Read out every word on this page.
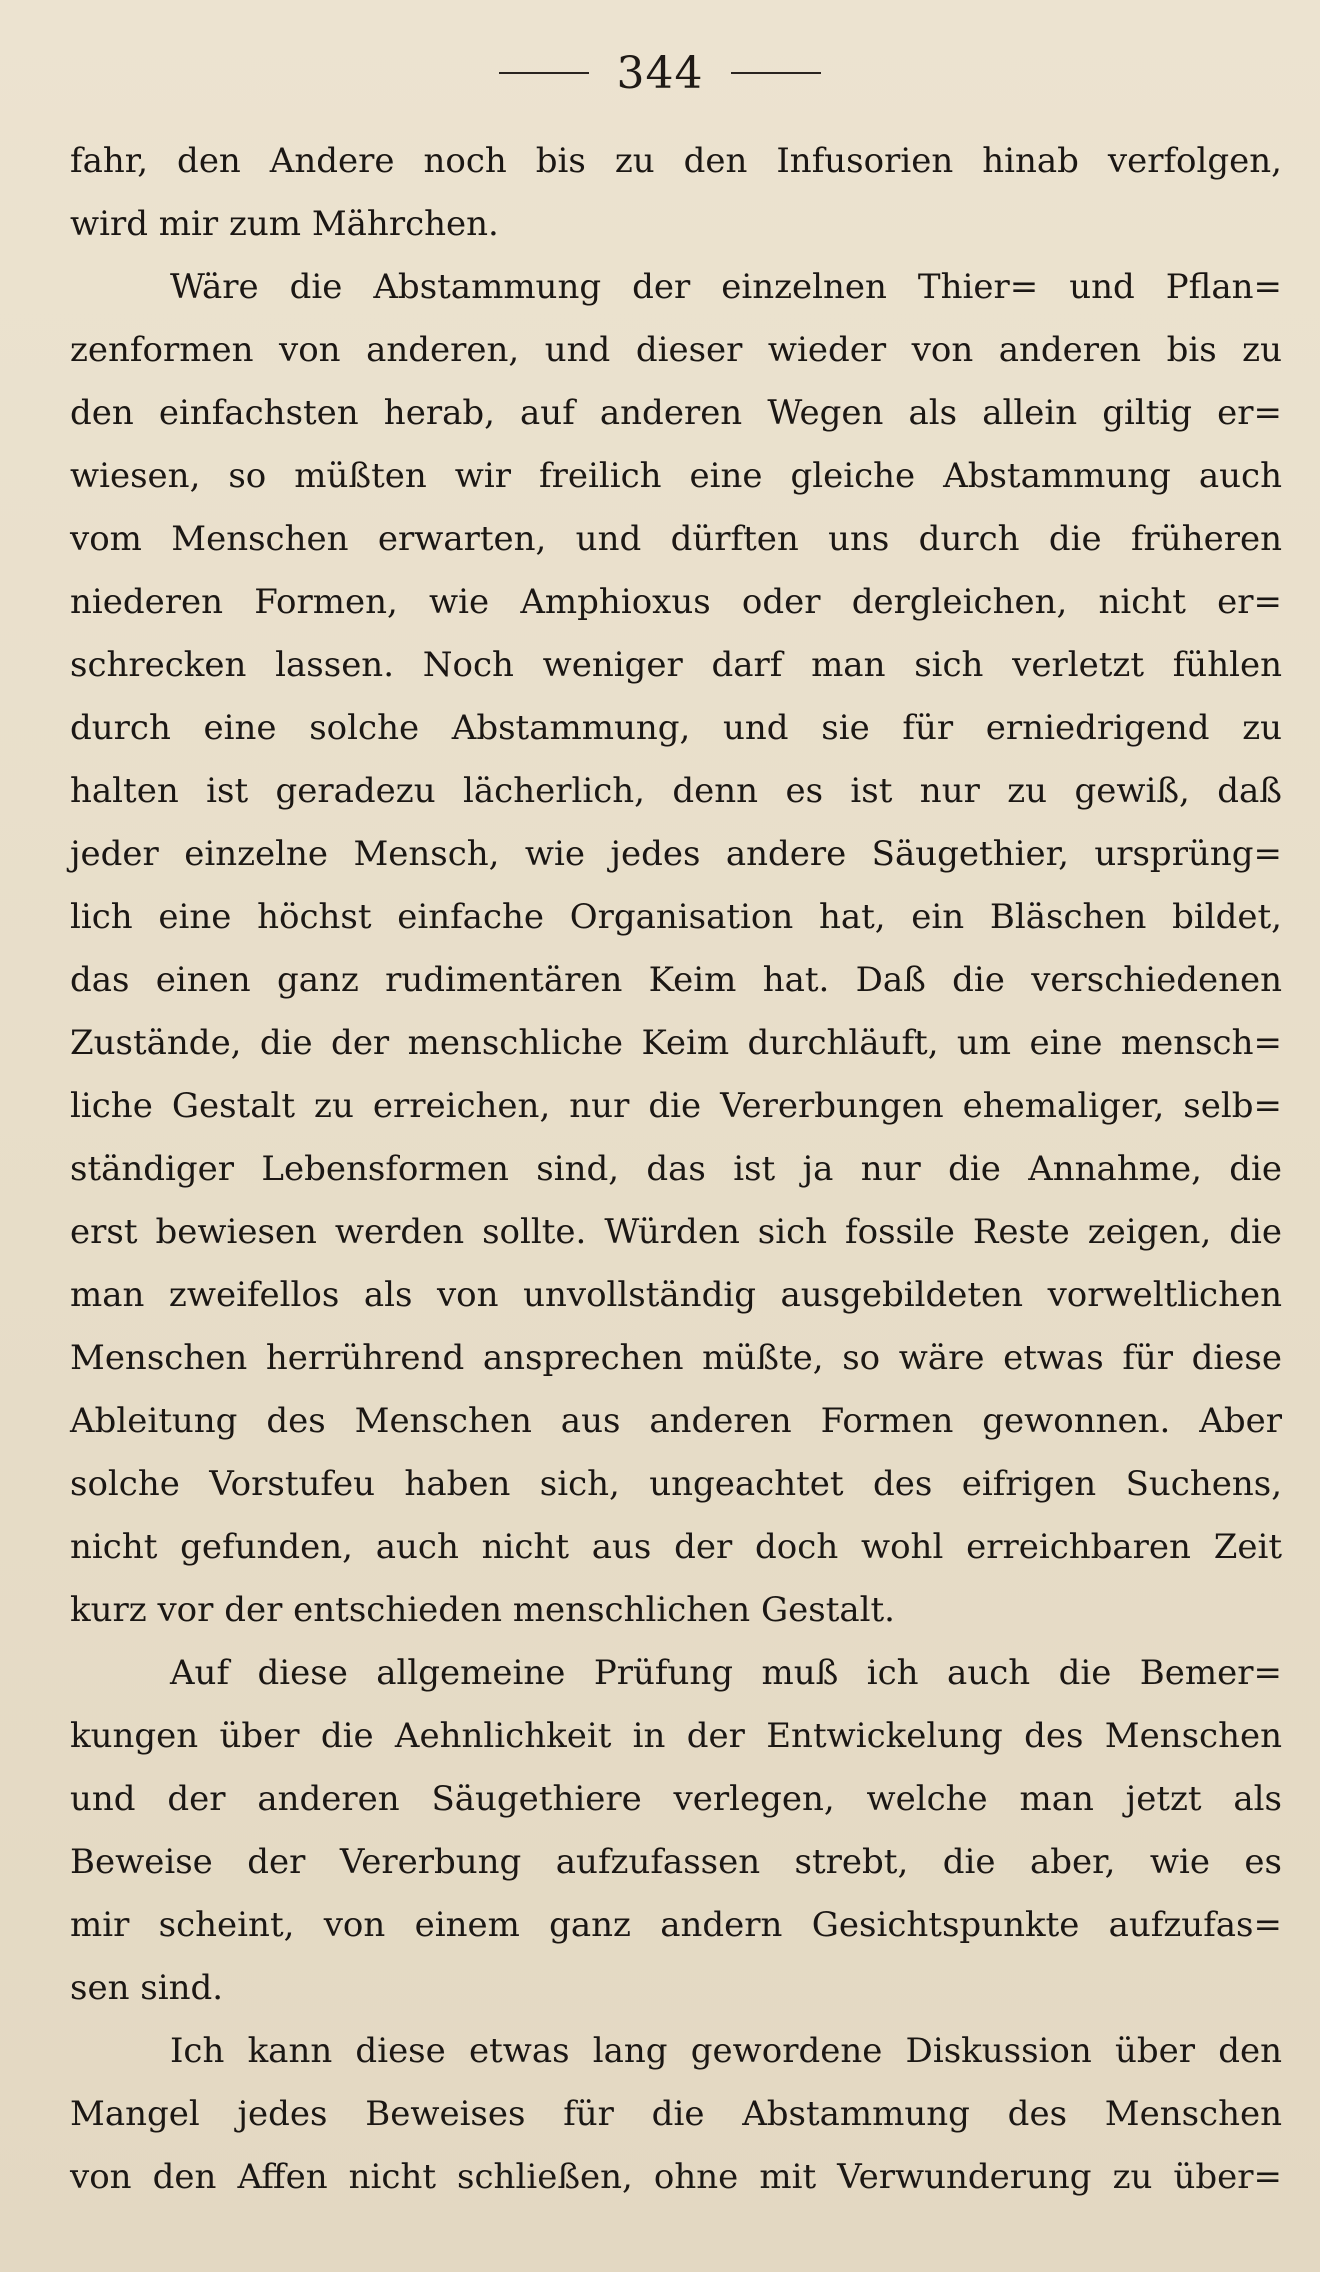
344
fahr, den Andere noch bis zu den Infusorien hinab verfolgen,
wird mir zum Mährchen.
Wäre die Abstammung der einzelnen Thier= und Pflan=
zenformen von anderen, und dieser wieder von anderen bis zu
den einfachsten herab, auf anderen Wegen als allein giltig er=
wiesen, so müßten wir freilich eine gleiche Abstammung auch
vom Menschen erwarten, und dürften uns durch die früheren
niederen Formen, wie Amphioxus oder dergleichen, nicht er=
schrecken lassen. Noch weniger darf man sich verletzt fühlen
durch eine solche Abstammung, und sie für erniedrigend zu
halten ist geradezu lächerlich, denn es ist nur zu gewiß, daß
jeder einzelne Mensch, wie jedes andere Säugethier, ursprüng=
lich eine höchst einfache Organisation hat, ein Bläschen bildet,
das einen ganz rudimentären Keim hat. Daß die verschiedenen
Zustände, die der menschliche Keim durchläuft, um eine mensch=
liche Gestalt zu erreichen, nur die Vererbungen ehemaliger, selb=
ständiger Lebensformen sind, das ist ja nur die Annahme, die
erst bewiesen werden sollte. Würden sich fossile Reste zeigen, die
man zweifellos als von unvollständig ausgebildeten vorweltlichen
Menschen herrührend ansprechen müßte, so wäre etwas für diese
Ableitung des Menschen aus anderen Formen gewonnen. Aber
solche Vorstufeu haben sich, ungeachtet des eifrigen Suchens,
nicht gefunden, auch nicht aus der doch wohl erreichbaren Zeit
kurz vor der entschieden menschlichen Gestalt.
Auf diese allgemeine Prüfung muß ich auch die Bemer=
kungen über die Aehnlichkeit in der Entwickelung des Menschen
und der anderen Säugethiere verlegen, welche man jetzt als
Beweise der Vererbung aufzufassen strebt, die aber, wie es
mir scheint, von einem ganz andern Gesichtspunkte aufzufas=
sen sind.
Ich kann diese etwas lang gewordene Diskussion über den
Mangel jedes Beweises für die Abstammung des Menschen
von den Affen nicht schließen, ohne mit Verwunderung zu über=
